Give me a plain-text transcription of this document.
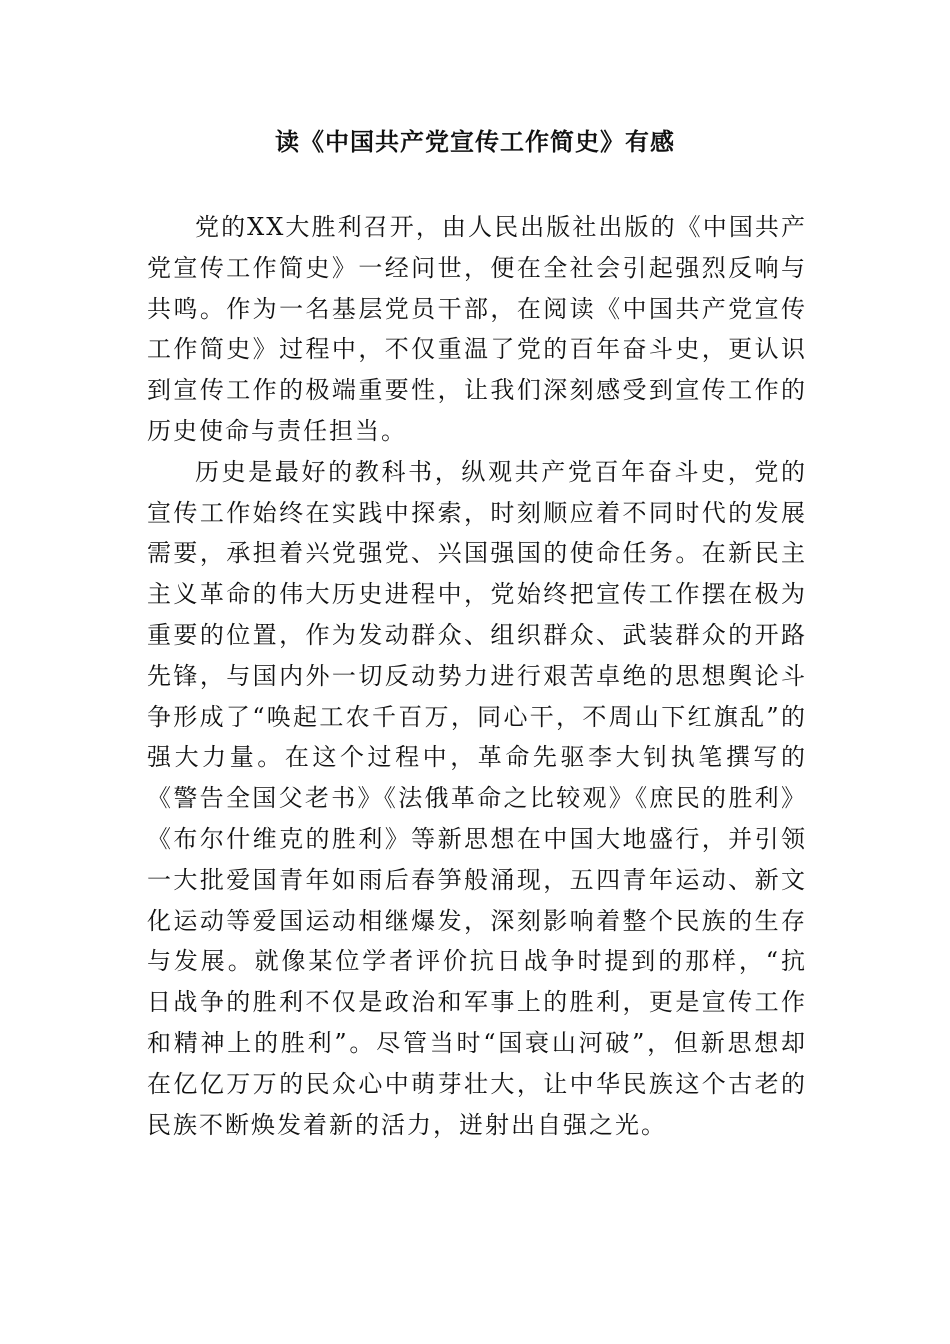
读《中国共产党宣传工作简史》有感

党的XX大胜利召开，由人民出版社出版的《中国共产党宣传工作简史》一经问世，便在全社会引起强烈反响与共鸣。作为一名基层党员干部，在阅读《中国共产党宣传工作简史》过程中，不仅重温了党的百年奋斗史，更认识到宣传工作的极端重要性，让我们深刻感受到宣传工作的历史使命与责任担当。

历史是最好的教科书，纵观共产党百年奋斗史，党的宣传工作始终在实践中探索，时刻顺应着不同时代的发展需要，承担着兴党强党、兴国强国的使命任务。在新民主主义革命的伟大历史进程中，党始终把宣传工作摆在极为重要的位置，作为发动群众、组织群众、武装群众的开路先锋，与国内外一切反动势力进行艰苦卓绝的思想舆论斗争形成了“唤起工农千百万，同心干，不周山下红旗乱”的强大力量。在这个过程中，革命先驱李大钊执笔撰写的《警告全国父老书》《法俄革命之比较观》《庶民的胜利》《布尔什维克的胜利》等新思想在中国大地盛行，并引领一大批爱国青年如雨后春笋般涌现，五四青年运动、新文化运动等爱国运动相继爆发，深刻影响着整个民族的生存与发展。就像某位学者评价抗日战争时提到的那样，“抗日战争的胜利不仅是政治和军事上的胜利，更是宣传工作和精神上的胜利”。尽管当时“国衰山河破”，但新思想却在亿亿万万的民众心中萌芽壮大，让中华民族这个古老的民族不断焕发着新的活力，迸射出自强之光。
